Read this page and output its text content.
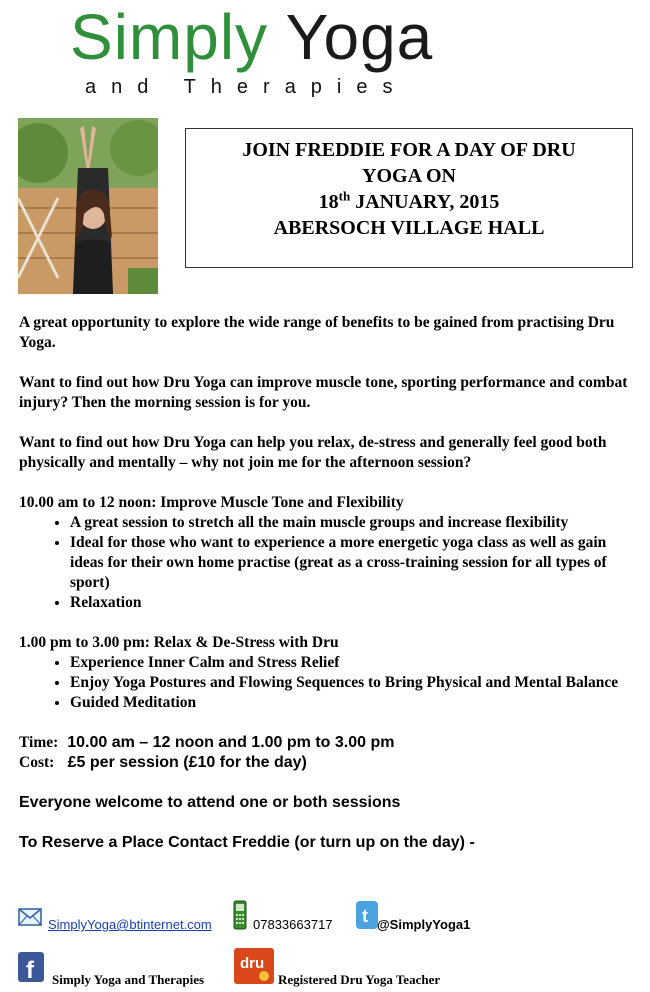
Simply Yoga
and Therapies
JOIN FREDDIE FOR A DAY OF DRU
YOGA ON
18th JANUARY, 2015
ABERSOCH VILLAGE HALL

A great opportunity to explore the wide range of benefits to be gained from practising Dru Yoga.

Want to find out how Dru Yoga can improve muscle tone, sporting performance and combat injury? Then the morning session is for you.

Want to find out how Dru Yoga can help you relax, de-stress and generally feel good both physically and mentally – why not join me for the afternoon session?

10.00 am to 12 noon: Improve Muscle Tone and Flexibility

• A great session to stretch all the main muscle groups and increase flexibility
• Ideal for those who want to experience a more energetic yoga class as well as gain ideas for their own home practise (great as a cross-training session for all types of sport)
• Relaxation

1.00 pm to 3.00 pm: Relax & De-Stress with Dru

• Experience Inner Calm and Stress Relief
• Enjoy Yoga Postures and Flowing Sequences to Bring Physical and Mental Balance
• Guided Meditation

Time: 10.00 am – 12 noon and 1.00 pm to 3.00 pm

Cost: £5 per session (£10 for the day)

Everyone welcome to attend one or both sessions

To Reserve a Place Contact Freddie (or turn up on the day) -

SimplyYoga@btinternet.com	07833663717 t @SimplyYoga1
f Simply Yoga and Therapies
dru
Registered Dru Yoga Teacher
